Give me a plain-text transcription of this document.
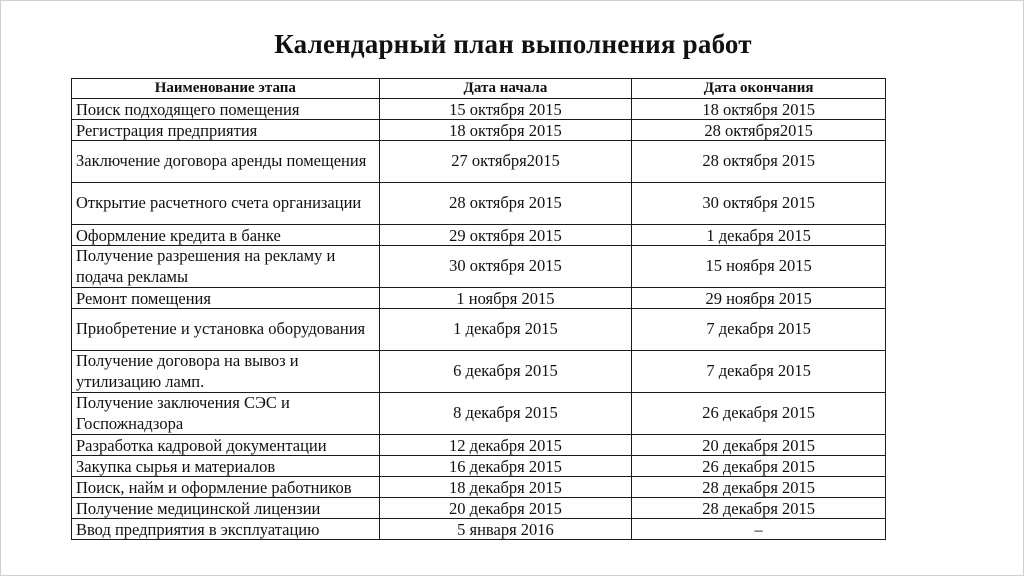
Календарный план выполнения работ
Наименование этапа	Дата начала	Дата окончания
Поиск подходящего помещения	15 октября 2015	18 октября 2015
Регистрация предприятия	18 октября 2015	28 октября2015
Заключение договора аренды помещения	27 октября2015	28 октября 2015
Открытие расчетного счета организации	28 октября 2015	30 октября 2015
Оформление кредита в банке	29 октября 2015	1 декабря 2015
Получение разрешения на рекламу и подача рекламы	30 октября 2015	15 ноября 2015
Ремонт помещения	1 ноября 2015	29 ноября 2015
Приобретение и установка оборудования	1 декабря 2015	7 декабря 2015
Получение договора на вывоз и утилизацию ламп.	6 декабря 2015	7 декабря 2015
Получение заключения СЭС и Госпожнадзора	8 декабря 2015	26 декабря 2015
Разработка кадровой документации	12 декабря 2015	20 декабря 2015
Закупка сырья и материалов	16 декабря 2015	26 декабря 2015
Поиск, найм и оформление работников	18 декабря 2015	28 декабря 2015
Получение медицинской лицензии	20 декабря 2015	28 декабря 2015
Ввод предприятия в эксплуатацию	5 января 2016	–
